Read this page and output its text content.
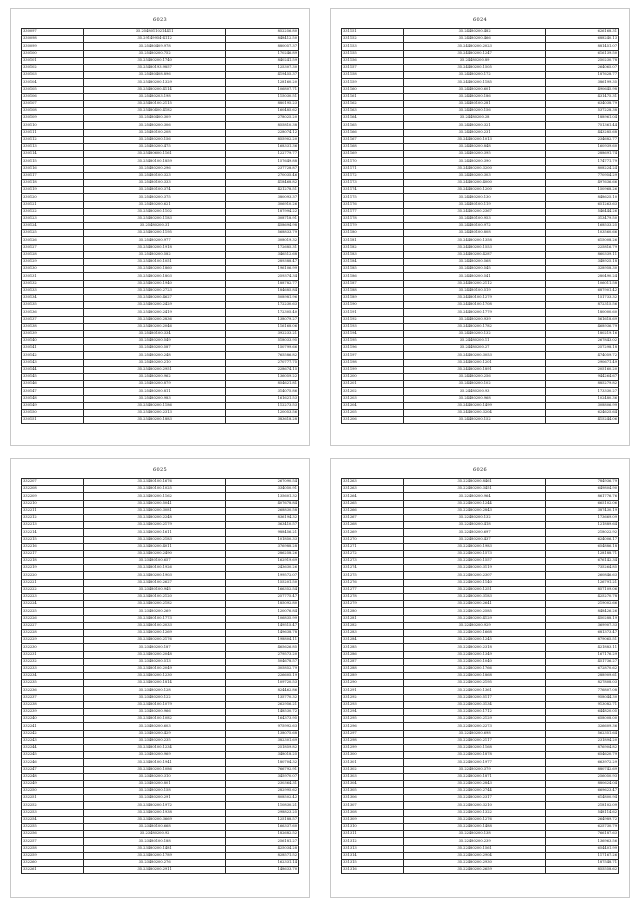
6023
330097	35.25480110214411	852256.80
330098	35.29149954-4112	848412.50
330099	35.25480409.978	880057.37
330100	35.25480200.752	170246.89
330101	35.25480200.1740	840241.59
330102	35.25480193.9857	125307.30
330103	35.25480408.896	419455.37
330104	35.25480200.1329	128160.20
330105	35.25480200.4114	106807.71
330106	35.25480203.198	115030.51
330107	35.25480100.2115	880195.23
330108	35.25480400.4182	160485.62
330109	35.25480400.309	278025.20
330110	35.25480200.306	855810.38
330111	35.25480100.208	228074.12
330112	35.25480200.156	855902.20
330113	35.25480200.475	168331.36
330114	35.25480600.1161	122779.77
330115	35.25480100.1859	157649.88
330116	35.25480200.296	237728.87
330117	35.25480100.323	270035.46
330118	35.25480100.333	418468.82
330119	35.25480100.374	421278.51
330120	35.25480200.375	380093.37
330121	35.25480200.621	306910.26
330122	35.25480200.1102	187994.22
330123	35.25480200.1183	308718.91
330124	35.25480200.31	458694.98
330125	35.25480200.1195	568833.79
330126	35.25480200.977	308019.32
330127	35.25480200.1918	172685.31
330128	35.25480200.582	346512.68
330129	35.25480100.1051	289388.47
330130	35.25480200.1860	196106.99
330131	35.25480200.1803	259374.34
330132	35.25480200.1940	188782.77
330133	35.25480200.2723	184685.84
330134	35.25480200.4627	508981.96
330135	35.25480200.2429	172230.63
330136	35.25480200.2419	172305.40
330137	35.25480200.2836	138079.27
330138	35.25480200.2046	116168.06
330139	35.25480100.334	392233.21
330140	35.25480200.549	518033.95
330141	35.25480200.587	150799.66
330142	35.25480200.248	765586.82
330143	35.25480200.210	270777.75
330144	35.25480200.2951	228674.15
330145	35.25480200.962	136059.22
330146	35.25480200.879	854621.81
330147	35.25480200.811	314075.86
330148	35.25480200.983	161621.53
330149	35.25480200.1186	112273.53
330150	35.25480200.2313	120053.56
330151	35.25480200.1883	383618.28
6024
331151	35.24480200.482	626168.31
331152	35.24480200.466	688240.13
331153	35.24480200.2023	881451.07
331155	35.24480200.1247	616139.50
331156	35.24480200.89	250230.78
331157	35.24480200.1505	264065.07
331158	35.24480200.172	187628.77
331159	35.24480200.1185	386199.35
331160	35.24480200.601	490645.98
331161	35.24480200.186	431475.31
331162	35.24480100.281	634038.79
331163	35.24480200.156	537228.38
331164	35.24480200.28	188961.04
331165	35.24480200.321	751361.44
331166	35.24480200.231	443285.68
331167	35.24480200.1013	234682.77
331168	35.24480200.848	160939.60
331169	35.24480200.395	288691.74
331170	35.24480200.390	174771.79
331171	35.24480200.3200	808224.24
331172	35.24480200.303	770954.29
331173	35.24480200.4000	497636.66
331174	35.24480200.1200	150968.26
331175	35.24480200.130	848625.10
331176	35.24480100.119	651263.63
331177	35.24480200.2367	546444.26
331178	35.24480100.953	313479.50
331179	35.24480100.972	168533.25
331180	35.24480100.808	103560.66
331181	35.24480200.1358	615008.26
331182	35.24480200.1553	225816.79
331183	35.24480200.4287	860339.11
331184	35.24480200.568	348925.18
331185	35.24480200.545	328958.30
331186	35.24480200.541	280490.24
331187	35.24480200.2112	106011.58
331188	35.24480100.519	687901.42
331189	35.24480100.1279	151733.32
331190	35.24480100.1708	872315.56
331191	35.24480200.1779	180000.60
331192	35.24480200.939	561618.69
331193	35.24480200.1782	468936.79
331194	35.24480200.132	180219.16
331195	35.24480200.11	267843.02
331196	35.24480200.27	257298.18
331197	35.24480200.3053	474059.72
331198	35.24480200.1201	290671.49
331199	35.24480200.1891	205160.20
331200	35.24480200.256	944264.67
331201	35.24480200.102	885279.82
331202	35.24480200.93	173330.27
331203	35.24480200.968	102480.36
331204	35.24480200.1499	308806.99
331205	35.24480200.3204	624625.64
331206	35.24480200.152	415244.06
6025
332207	35.23480100.1676	267090.54
332208	35.23480100.1025	334050.91
332209	35.23480200.1162	135601.32
332210	35.23480200.5041	407678.84
332211	35.23480200.3081	268830.58
332212	35.23480200.2248	836194.32
332213	35.23480200.2179	363410.57
332214	35.23480200.1611	988456.21
332215	35.23480200.2183	101850.33
332216	35.23480200.4011	376988.28
332217	35.23480200.2490	286258.26
332218	35.23480100.657	162919.69
332219	35.23480100.1926	243630.26
332220	35.23480200.1903	199572.07
332221	35.23480100.2627	155201.50
332222	35.23480100.945	166352.54
332223	35.23480100.2120	257775.47
332224	35.23480200.2182	185092.80
332225	35.23480200.269	120076.84
332226	35.23480100.1773	106835.99
332227	35.23480100.2033	149515.47
332228	35.23480200.1269	149638.78
332229	35.23480200.2176	198804.11
332230	35.23480200.187	465626.85
332231	35.23480200.2048	279573.20
332232	35.23480200.513	504678.57
332233	35.23480100.2049	305852.79
332234	35.23480200.1230	226605.19
332235	35.23480200.1814	109720.53
332236	35.23480200.128	824462.86
332237	35.23480200.122	135770.32
332238	35.23480100.1079	262956.21
332239	35.23480200.966	148530.72
332240	35.23480100.1082	164373.95
332241	35.23480200.603	975992.63
332242	35.23480200.429	138075.68
332243	35.23480200.235	382301.69
332244	35.23480100.1234	251859.82
332245	35.23480200.969	348018.25
332246	35.23480100.1941	180704.32
332247	35.23480200.1086	766792.91
332248	35.23480200.310	345970.07
332249	35.23480200.801	230364.31
332250	35.23480200.158	282995.62
332251	35.23480200.291	808502.42
332252	35.23480200.1972	110830.21
332253	35.23480200.1938	298823.25
332254	35.23480200.3669	125188.57
332255	35.23480100.668	166337.60
332256	35.23480200.92	182682.52
332257	35.23480100.188	256181.27
332258	35.23480200.1481	425034.28
332259	35.23480200.1789	828571.52
332260	35.23480200.276	162331.14
332261	35.23480200.2911	148633.70
6026
331263	35.22480200.8461	784936.79
331263	35.22480200.3451	649804.90
331264	35.22480200.964	861776.76
331265	35.22480200.1244	665102.06
331266	35.22480200.2843	387430.19
331267	35.22480200.132	173669.09
331268	35.22480200.418	121889.64
331269	35.22480200.697	218022.92
331270	35.22480200.437	624006.17
331271	35.22480200.1983	654886.18
331272	35.22480200.1573	128188.71
331273	35.22480200.1557	676142.34
331274	35.22480200.3119	735264.85
331275	35.22480200.2307	260846.63
331276	35.22480200.1140	126791.21
331277	35.22480200.1251	857109.06
331278	35.22480200.3183	425270.78
331279	35.22480200.2641	219002.66
331280	35.22480200.2585	848426.26
331281	35.22480200.4129	450288.19
331282	35.22480200.929	369907.33
331283	35.22480200.1668	681373.47
331284	35.22480200.1245	879065.51
331285	35.22480200.2318	421883.11
331286	35.22480200.1349	167176.29
331287	35.22480200.1040	451736.27
331288	35.22480200.1766	672870.62
331289	35.22480200.1868	288909.61
331290	35.22480200.2195	827808.03
331291	35.22480200.1361	776807.08
331292	35.22480200.5117	958044.30
331293	35.22480200.3134	913082.71
331294	35.22480200.1712	644820.05
331295	35.22480200.2129	658008.00
331296	35.22480200.2273	326609.36
331297	35.22480200.698	562351.64
331298	35.22480200.2117	231894.20
331299	35.22480200.1168	876904.82
331300	35.22480200.1878	654620.79
331301	35.22480200.1977	663972.29
331302	35.22480200.379	880742.69
331303	35.22480200.1871	256050.93
331304	35.22480200.2843	880624.04
331305	35.22480200.2744	669623.47
331306	35.22480200.2317	614800.94
331307	35.22480200.3210	218102.09
331308	35.22480200.1322	548114.62
331309	35.22480200.1276	264989.72
331310	35.22480200.1488	625730.79
331311	35.22480200.138	766187.63
331312	35.22480200.239	136963.56
331313	35.22480200.1561	654401.99
331314	35.22480200.2904	117167.26
331315	35.22480200.2930	187548.71
331316	35.22480200.2659	855558.62
